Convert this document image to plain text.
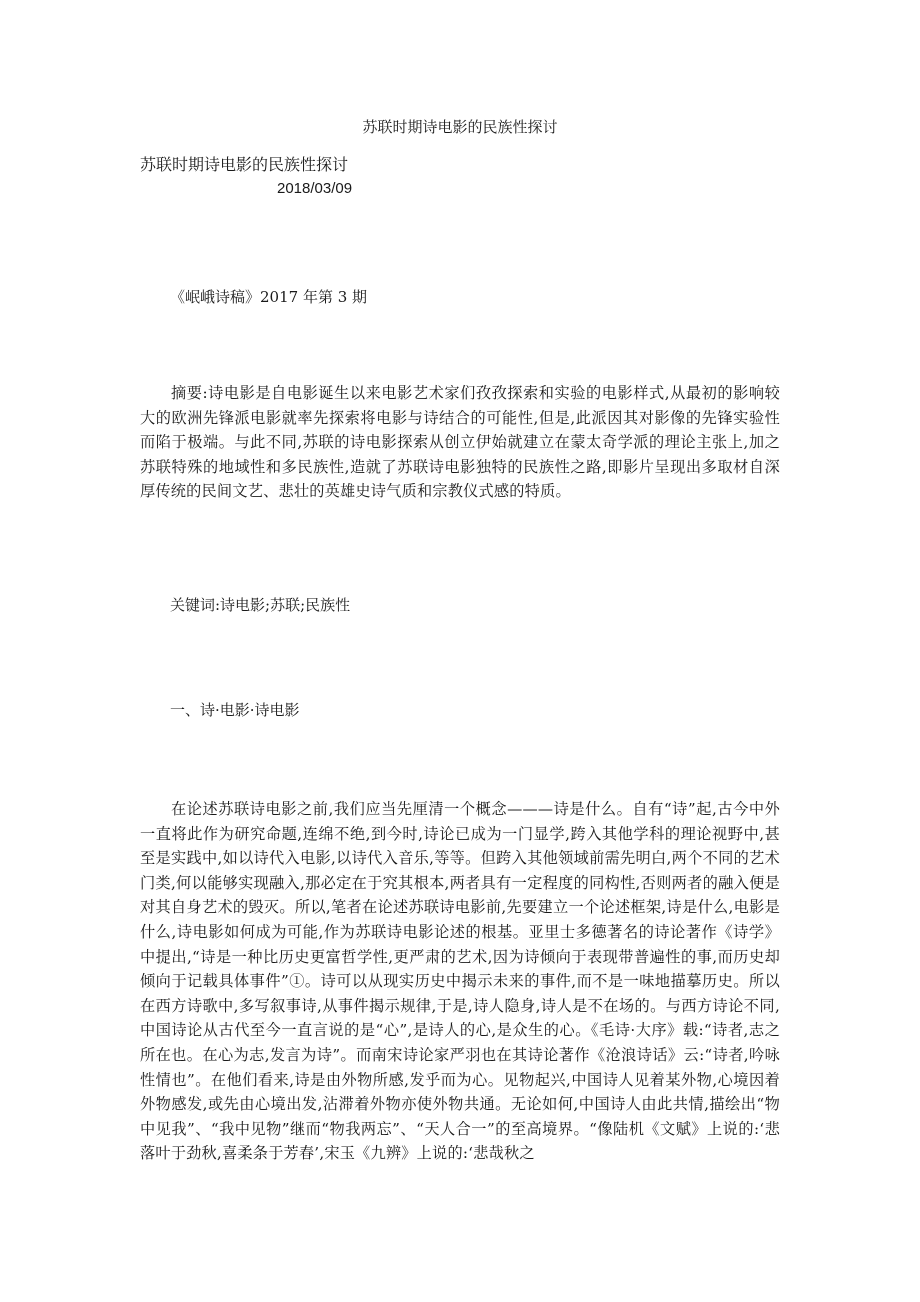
苏联时期诗电影的民族性探讨
苏联时期诗电影的民族性探讨
2018/03/09
《岷峨诗稿》2017 年第 3 期
摘要:诗电影是自电影诞生以来电影艺术家们孜孜探索和实验的电影样式,从最初的影响较大的欧洲先锋派电影就率先探索将电影与诗结合的可能性,但是,此派因其对影像的先锋实验性而陷于极端。与此不同,苏联的诗电影探索从创立伊始就建立在蒙太奇学派的理论主张上,加之苏联特殊的地域性和多民族性,造就了苏联诗电影独特的民族性之路,即影片呈现出多取材自深厚传统的民间文艺、悲壮的英雄史诗气质和宗教仪式感的特质。
关键词:诗电影;苏联;民族性
一、诗·电影·诗电影
在论述苏联诗电影之前,我们应当先厘清一个概念———诗是什么。自有“诗”起,古今中外一直将此作为研究命题,连绵不绝,到今时,诗论已成为一门显学,跨入其他学科的理论视野中,甚至是实践中,如以诗代入电影,以诗代入音乐,等等。但跨入其他领域前需先明白,两个不同的艺术门类,何以能够实现融入,那必定在于究其根本,两者具有一定程度的同构性,否则两者的融入便是对其自身艺术的毁灭。所以,笔者在论述苏联诗电影前,先要建立一个论述框架,诗是什么,电影是什么,诗电影如何成为可能,作为苏联诗电影论述的根基。亚里士多德著名的诗论著作《诗学》中提出,“诗是一种比历史更富哲学性,更严肃的艺术,因为诗倾向于表现带普遍性的事,而历史却倾向于记载具体事件”①。诗可以从现实历史中揭示未来的事件,而不是一味地描摹历史。所以在西方诗歌中,多写叙事诗,从事件揭示规律,于是,诗人隐身,诗人是不在场的。与西方诗论不同,中国诗论从古代至今一直言说的是“心”,是诗人的心,是众生的心。《毛诗·大序》载:“诗者,志之所在也。在心为志,发言为诗”。而南宋诗论家严羽也在其诗论著作《沧浪诗话》云:“诗者,吟咏性情也”。在他们看来,诗是由外物所感,发乎而为心。见物起兴,中国诗人见着某外物,心境因着外物感发,或先由心境出发,沾滞着外物亦使外物共通。无论如何,中国诗人由此共情,描绘出“物中见我”、“我中见物”继而“物我两忘”、“天人合一”的至高境界。“像陆机《文赋》上说的:‘悲落叶于劲秋,喜柔条于芳春’,宋玉《九辨》上说的:‘悲哉秋之
